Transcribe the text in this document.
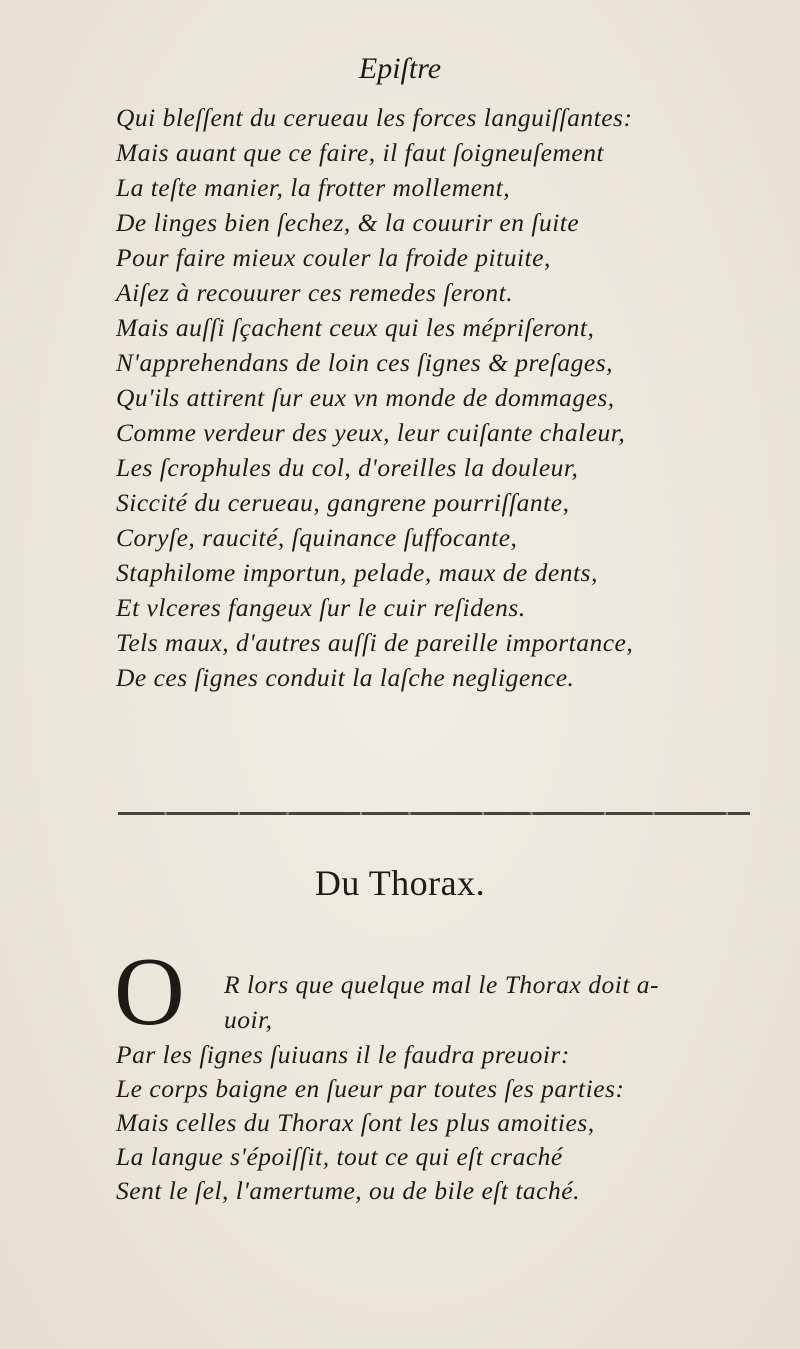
Epiſtre
Qui bleſſent du cerueau les forces languiſſantes:
Mais auant que ce faire, il faut ſoigneuſement
La teſte manier, la frotter mollement,
De linges bien ſechez, & la couurir en ſuite
Pour faire mieux couler la froide pituite,
Aiſez à recouurer ces remedes ſeront.
Mais auſſi ſçachent ceux qui les mépriſeront,
N'apprehendans de loin ces ſignes & preſages,
Qu'ils attirent ſur eux vn monde de dommages,
Comme verdeur des yeux, leur cuiſante chaleur,
Les ſcrophules du col, d'oreilles la douleur,
Siccité du cerueau, gangrene pourriſſante,
Coryſe, raucité, ſquinance ſuffocante,
Staphilome importun, pelade, maux de dents,
Et vlceres fangeux ſur le cuir reſidens.
Tels maux, d'autres auſſi de pareille importance,
De ces ſignes conduit la laſche negligence.
Du Thorax.
O R lors que quelque mal le Thorax doit a-
uoir,
Par les ſignes ſuiuans il le faudra preuoir:
Le corps baigne en ſueur par toutes ſes parties:
Mais celles du Thorax ſont les plus amoities,
La langue s'époiſſit, tout ce qui eſt craché
Sent le ſel, l'amertume, ou de bile eſt taché.
